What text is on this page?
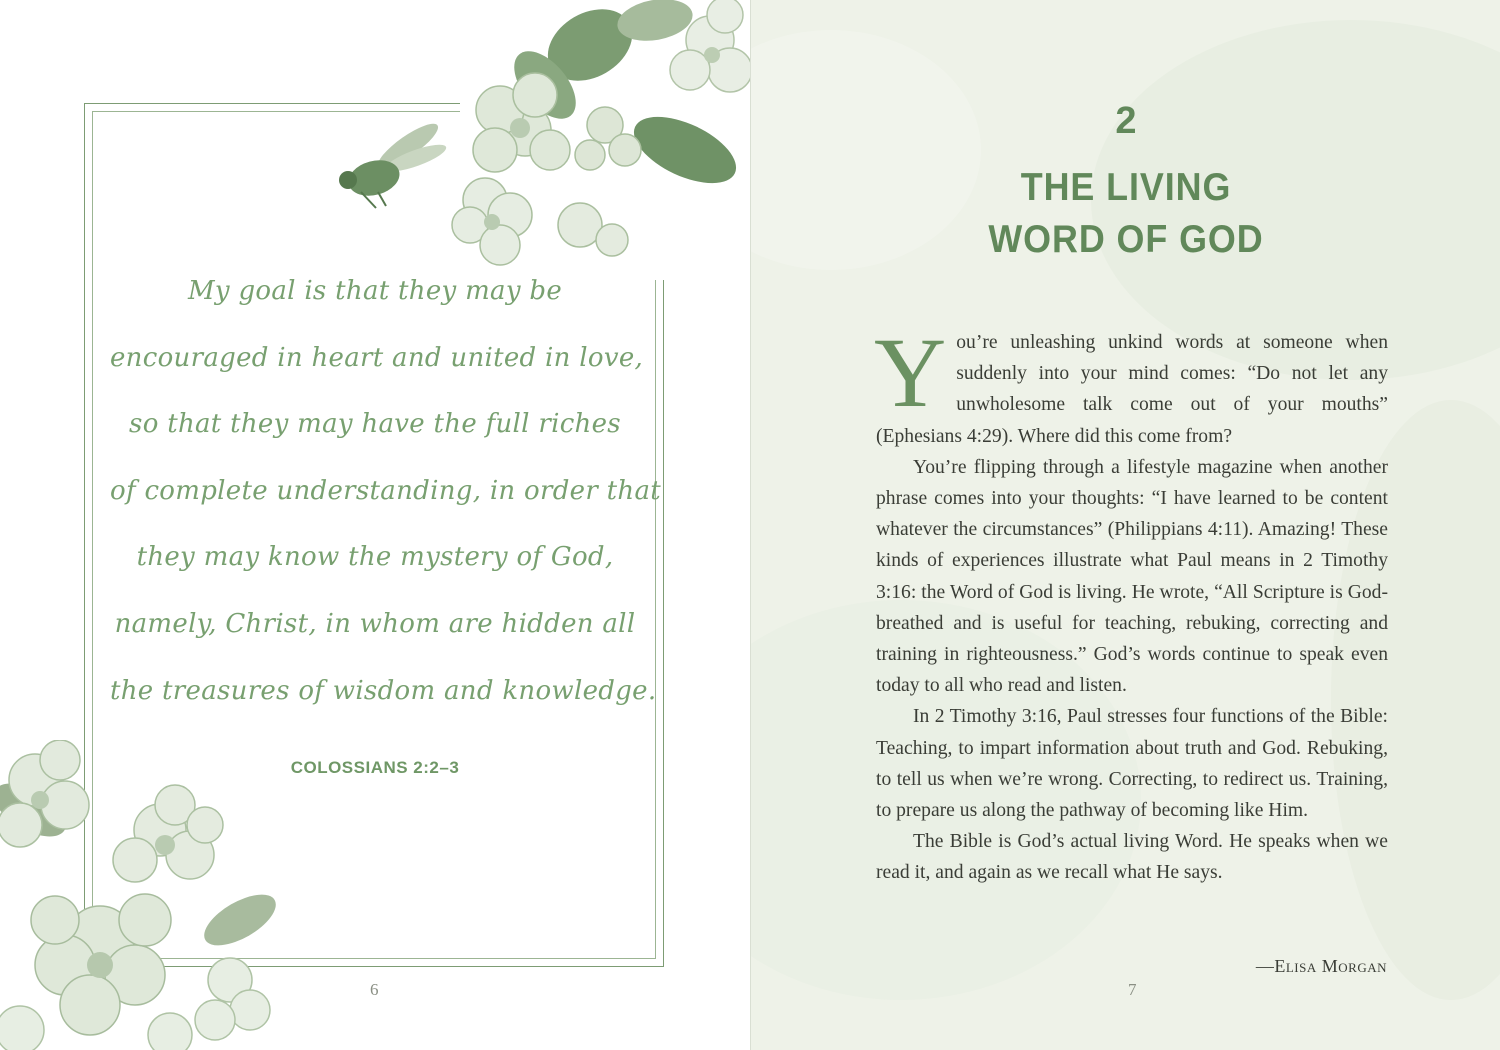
My goal is that they may be
encouraged in heart and united in love,
so that they may have the full riches
of complete understanding, in order that
they may know the mystery of God,
namely, Christ, in whom are hidden all
the treasures of wisdom and knowledge.
COLOSSIANS 2:2–3
6
2
THE LIVING
WORD OF GOD

You’re unleashing unkind words at someone when suddenly into your mind comes: “Do not let any unwholesome talk come out of your mouths” (Ephesians 4:29). Where did this come from?

You’re flipping through a lifestyle magazine when another phrase comes into your thoughts: “I have learned to be content whatever the circumstances” (Philippians 4:11). Amazing! These kinds of experiences illustrate what Paul means in 2 Timothy 3:16: the Word of God is living. He wrote, “All Scripture is God-breathed and is useful for teaching, rebuking, correcting and training in righteousness.” God’s words continue to speak even today to all who read and listen.

In 2 Timothy 3:16, Paul stresses four functions of the Bible: Teaching, to impart information about truth and God. Rebuking, to tell us when we’re wrong. Correcting, to redirect us. Training, to prepare us along the pathway of becoming like Him.

The Bible is God’s actual living Word. He speaks when we read it, and again as we recall what He says.

—Elisa Morgan
7
